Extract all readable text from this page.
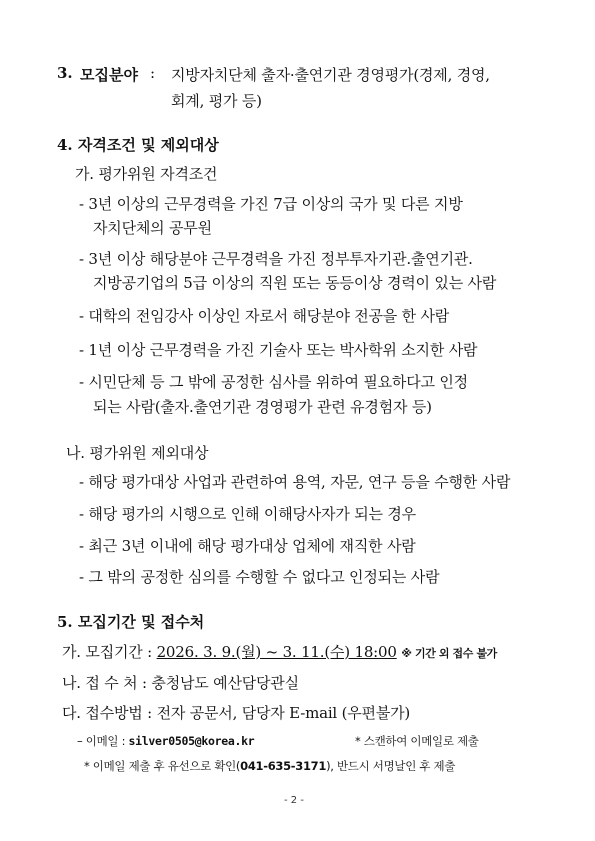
3. 모집분야 : 지방자치단체 출자·출연기관 경영평가(경제, 경영,
회계, 평가 등)
4. 자격조건 및 제외대상
가. 평가위원 자격조건
- 3년 이상의 근무경력을 가진 7급 이상의 국가 및 다른 지방
자치단체의 공무원
- 3년 이상 해당분야 근무경력을 가진 정부투자기관.출연기관.
지방공기업의 5급 이상의 직원 또는 동등이상 경력이 있는 사람
- 대학의 전임강사 이상인 자로서 해당분야 전공을 한 사람
- 1년 이상 근무경력을 가진 기술사 또는 박사학위 소지한 사람
- 시민단체 등 그 밖에 공정한 심사를 위하여 필요하다고 인정
되는 사람(출자.출연기관 경영평가 관련 유경험자 등)
나. 평가위원 제외대상
- 해당 평가대상 사업과 관련하여 용역, 자문, 연구 등을 수행한 사람
- 해당 평가의 시행으로 인해 이해당사자가 되는 경우
- 최근 3년 이내에 해당 평가대상 업체에 재직한 사람
- 그 밖의 공정한 심의를 수행할 수 없다고 인정되는 사람
5. 모집기간 및 접수처
가. 모집기간 : 2026. 3. 9.(월) ~ 3. 11.(수) 18:00 ※ 기간 외 접수 불가
나. 접 수 처 : 충청남도 예산담당관실
다. 접수방법 : 전자 공문서, 담당자 E-mail (우편불가)
– 이메일 : silver0505@korea.kr	* 스캔하여 이메일로 제출
* 이메일 제출 후 유선으로 확인(041-635-3171), 반드시 서명날인 후 제출
- 2 -
